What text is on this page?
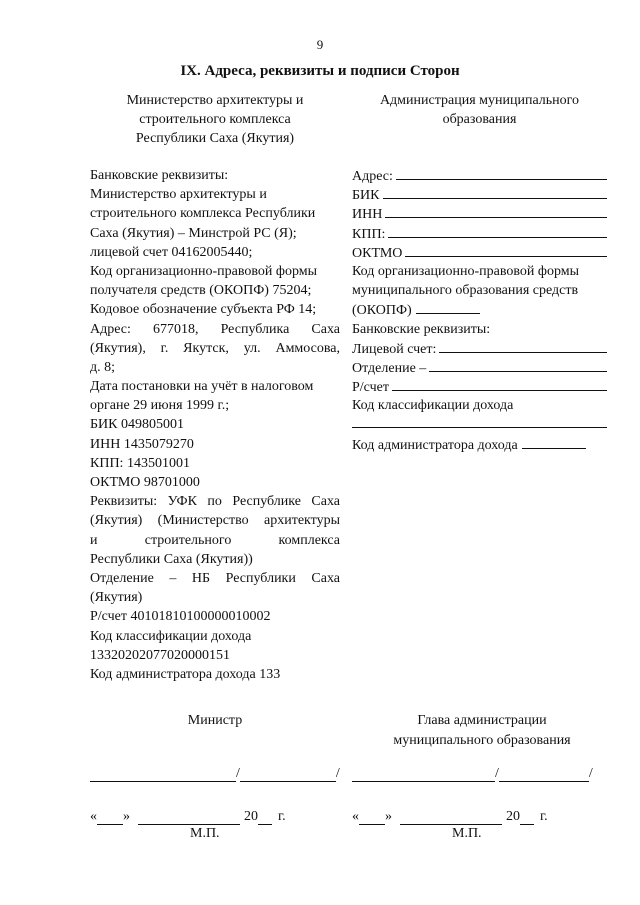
9
IX. Адреса, реквизиты и подписи Сторон
Министерство архитектуры и
строительного комплекса
Республики Саха (Якутия)
Администрация муниципального
образования
Банковские реквизиты:
Министерство архитектуры и
строительного комплекса Республики
Саха (Якутия) – Минстрой РС (Я);
лицевой счет 04162005440;
Код организационно-правовой формы
получателя средств (ОКОПФ) 75204;
Кодовое обозначение субъекта РФ 14;
Адрес: 677018, Республика Саха
(Якутия), г. Якутск, ул. Аммосова,
д. 8;
Дата постановки на учёт в налоговом
органе 29 июня 1999 г.;
БИК 049805001
ИНН 1435079270
КПП: 143501001
ОКТМО 98701000
Реквизиты: УФК по Республике Саха
(Якутия) (Министерство архитектуры
и строительного комплекса
Республики Саха (Якутия))
Отделение – НБ Республики Саха
(Якутия)
Р/счет 40101810100000010002
Код классификации дохода
13320202077020000151
Код администратора дохода 133
Адрес:
БИК
ИНН
КПП:
ОКТМО
Код организационно-правовой формы
муниципального образования средств
(ОКОПФ)
Банковские реквизиты:
Лицевой счет:
Отделение –
Р/счет
Код классификации дохода
Код администратора дохода
Министр	Глава администрации
муниципального образования
/	/	/	/
« »	20 г.	« »	20 г.
М.П.	М.П.
